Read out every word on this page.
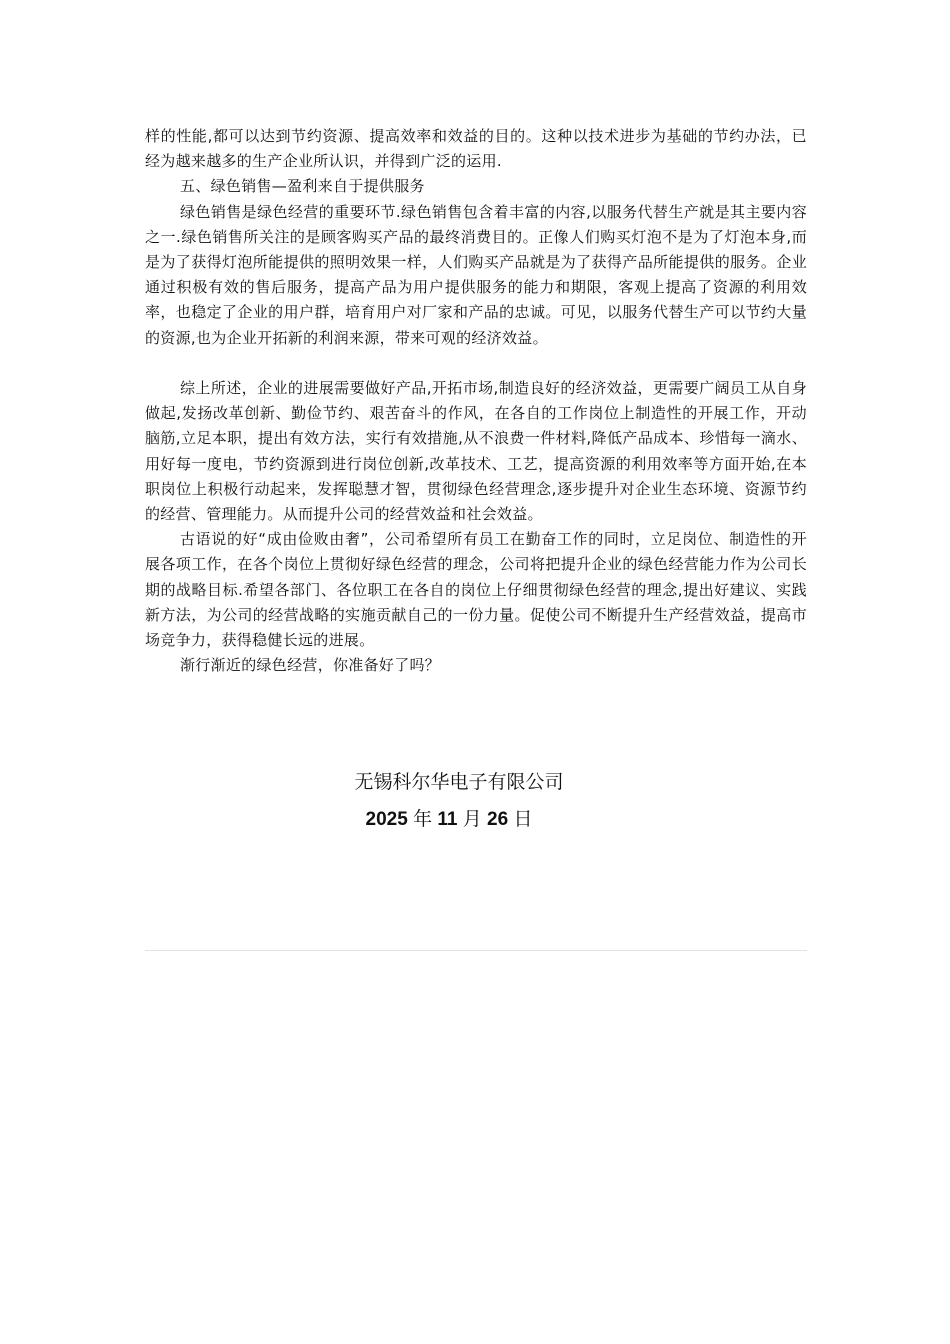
样的性能,都可以达到节约资源、提高效率和效益的目的。这种以技术进步为基础的节约办法，已经为越来越多的生产企业所认识，并得到广泛的运用.

五、绿色销售—盈利来自于提供服务

绿色销售是绿色经营的重要环节.绿色销售包含着丰富的内容,以服务代替生产就是其主要内容之一.绿色销售所关注的是顾客购买产品的最终消费目的。正像人们购买灯泡不是为了灯泡本身,而是为了获得灯泡所能提供的照明效果一样，人们购买产品就是为了获得产品所能提供的服务。企业通过积极有效的售后服务，提高产品为用户提供服务的能力和期限，客观上提高了资源的利用效率，也稳定了企业的用户群，培育用户对厂家和产品的忠诚。可见，以服务代替生产可以节约大量的资源,也为企业开拓新的利润来源，带来可观的经济效益。

综上所述，企业的进展需要做好产品,开拓市场,制造良好的经济效益，更需要广阔员工从自身做起,发扬改革创新、勤俭节约、艰苦奋斗的作风，在各自的工作岗位上制造性的开展工作，开动脑筋,立足本职，提出有效方法，实行有效措施,从不浪费一件材料,降低产品成本、珍惜每一滴水、用好每一度电，节约资源到进行岗位创新,改革技术、工艺，提高资源的利用效率等方面开始,在本职岗位上积极行动起来，发挥聪慧才智，贯彻绿色经营理念,逐步提升对企业生态环境、资源节约的经营、管理能力。从而提升公司的经营效益和社会效益。

古语说的好“成由俭败由奢”，公司希望所有员工在勤奋工作的同时，立足岗位、制造性的开展各项工作，在各个岗位上贯彻好绿色经营的理念，公司将把提升企业的绿色经营能力作为公司长期的战略目标.希望各部门、各位职工在各自的岗位上仔细贯彻绿色经营的理念,提出好建议、实践新方法，为公司的经营战略的实施贡献自己的一份力量。促使公司不断提升生产经营效益，提高市场竞争力，获得稳健长远的进展。

渐行渐近的绿色经营，你准备好了吗？

无锡科尔华电子有限公司
2025 年 11 月 26 日
